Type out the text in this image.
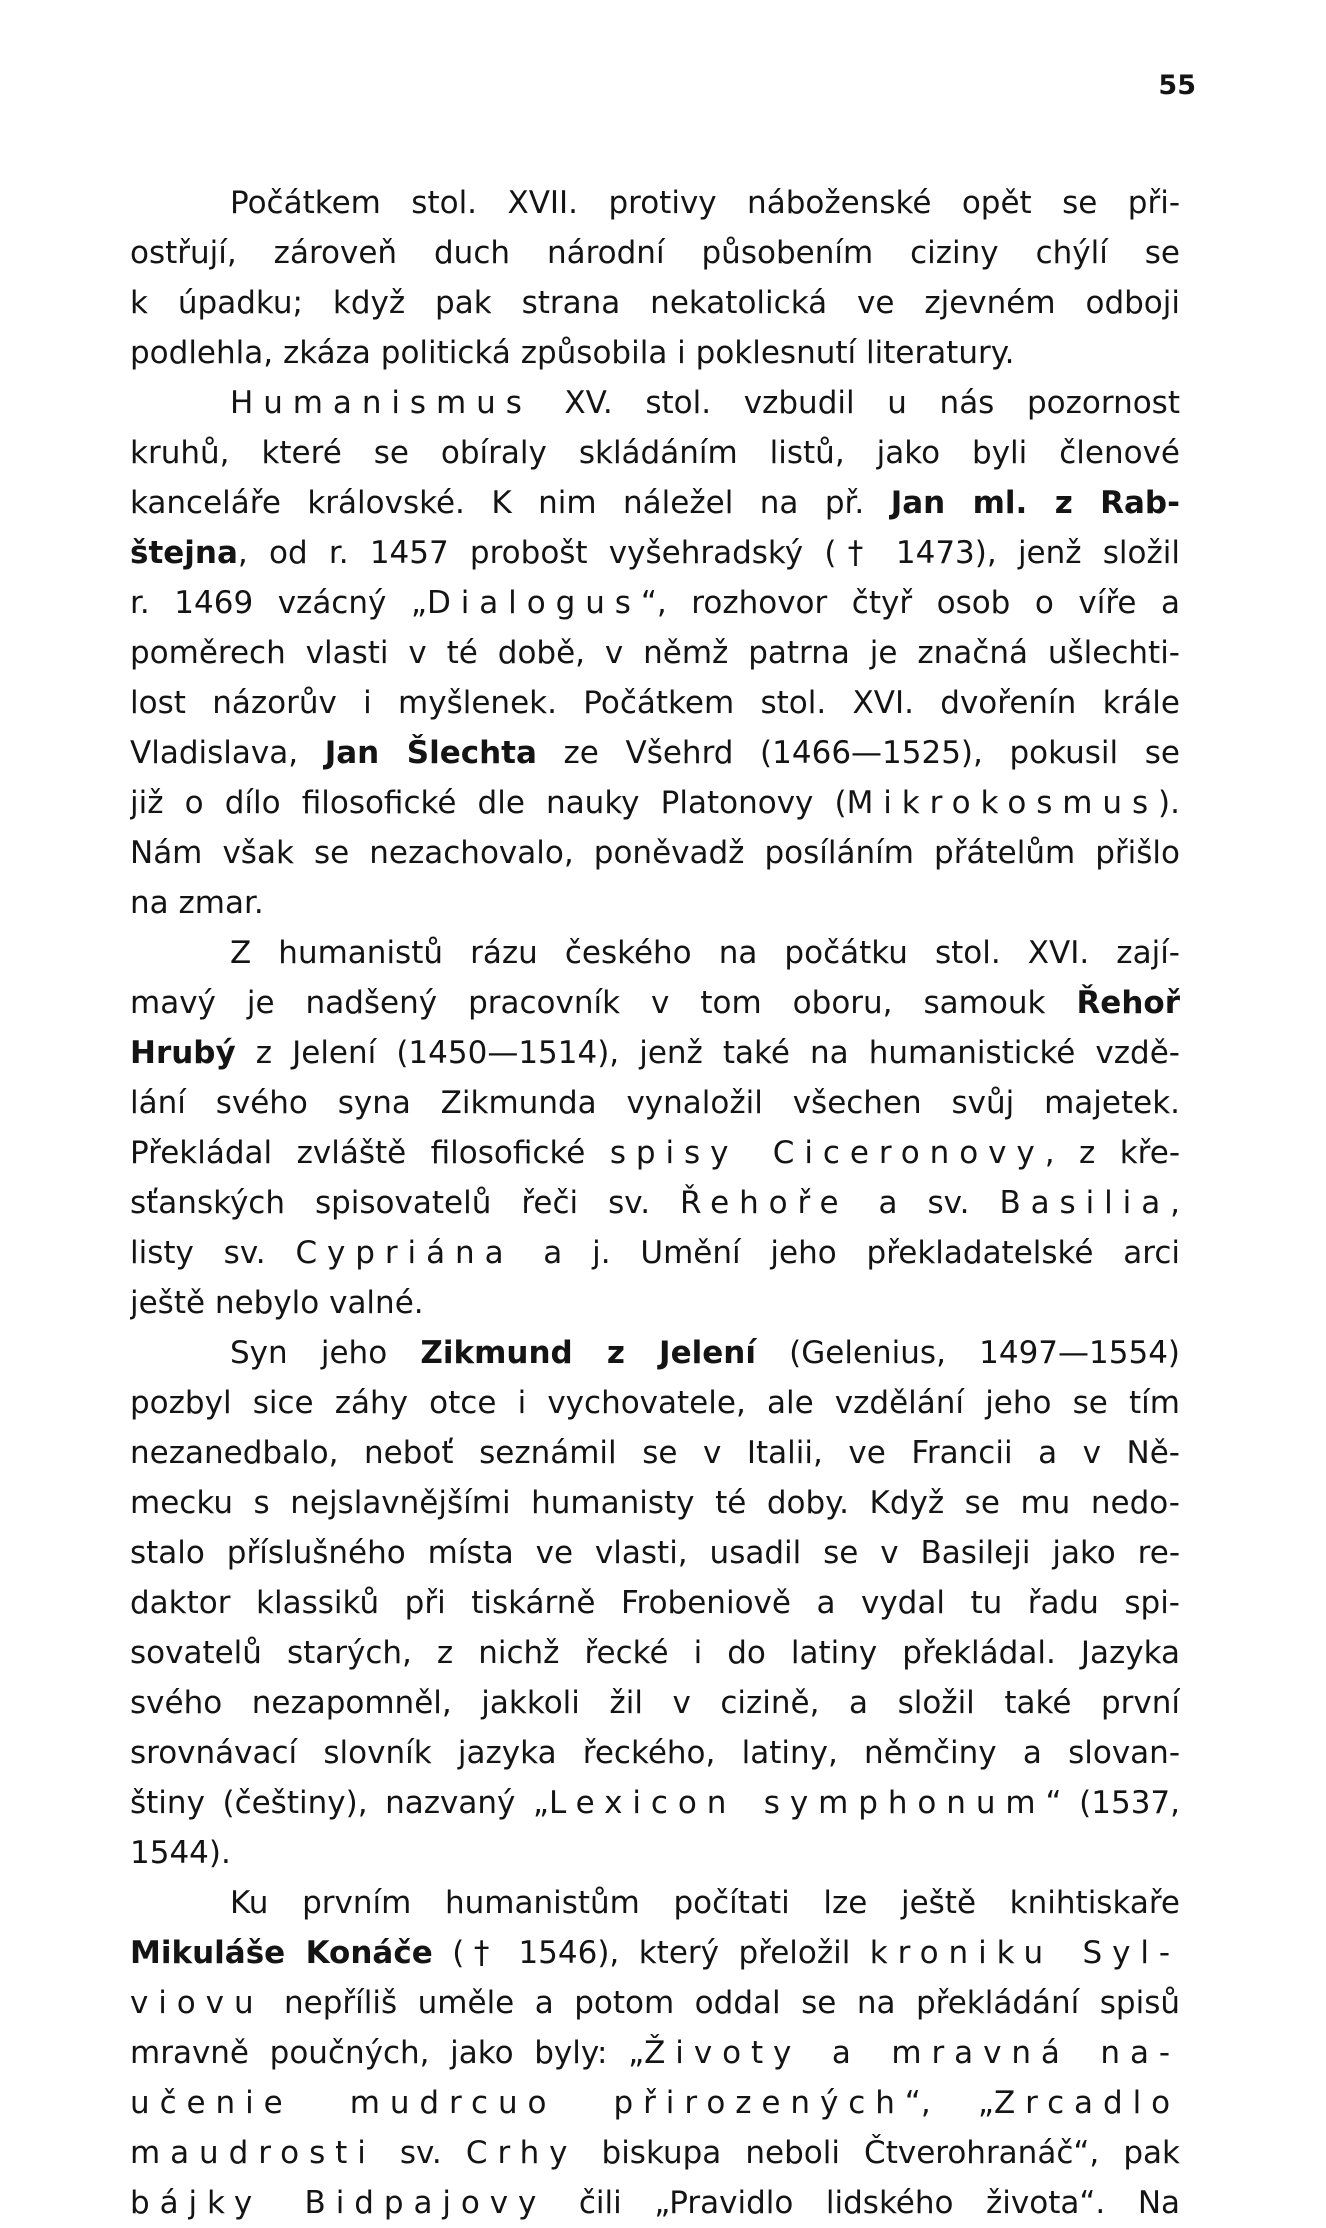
55
Počátkem stol. XVII. protivy náboženské opět se při-
ostřují, zároveň duch národní působením ciziny chýlí se
k úpadku; když pak strana nekatolická ve zjevném odboji
podlehla, zkáza politická způsobila i poklesnutí literatury.
Humanismus XV. stol. vzbudil u nás pozornost
kruhů, které se obíraly skládáním listů, jako byli členové
kanceláře královské. K nim náležel na př. Jan ml. z Rab-
štejna, od r. 1457 probošt vyšehradský († 1473), jenž složil
r. 1469 vzácný „Dialogus“, rozhovor čtyř osob o víře a
poměrech vlasti v té době, v němž patrna je značná ušlechti-
lost názorův i myšlenek. Počátkem stol. XVI. dvořenín krále
Vladislava, Jan Šlechta ze Všehrd (1466—1525), pokusil se
již o dílo filosofické dle nauky Platonovy (Mikrokosmus).
Nám však se nezachovalo, poněvadž posíláním přátelům přišlo
na zmar.
Z humanistů rázu českého na počátku stol. XVI. zají-
mavý je nadšený pracovník v tom oboru, samouk Řehoř
Hrubý z Jelení (1450—1514), jenž také na humanistické vzdě-
lání svého syna Zikmunda vynaložil všechen svůj majetek.
Překládal zvláště filosofické spisy Ciceronovy, z kře-
sťanských spisovatelů řeči sv. Řehoře a sv. Basilia,
listy sv. Cypriána a j. Umění jeho překladatelské arci
ještě nebylo valné.
Syn jeho Zikmund z Jelení (Gelenius, 1497—1554)
pozbyl sice záhy otce i vychovatele, ale vzdělání jeho se tím
nezanedbalo, neboť seznámil se v Italii, ve Francii a v Ně-
mecku s nejslavnějšími humanisty té doby. Když se mu nedo-
stalo příslušného místa ve vlasti, usadil se v Basileji jako re-
daktor klassiků při tiskárně Frobeniově a vydal tu řadu spi-
sovatelů starých, z nichž řecké i do latiny překládal. Jazyka
svého nezapomněl, jakkoli žil v cizině, a složil také první
srovnávací slovník jazyka řeckého, latiny, němčiny a slovan-
štiny (češtiny), nazvaný „Lexicon symphonum“ (1537,
1544).
Ku prvním humanistům počítati lze ještě knihtiskaře
Mikuláše Konáče († 1546), který přeložil kroniku Syl-
viovu nepříliš uměle a potom oddal se na překládání spisů
mravně poučných, jako byly: „Životy a mravná na-
učenie mudrcuo přirozených“, „Zrcadlo
maudrosti sv. Crhy biskupa neboli Čtverohranáč“, pak
bájky Bidpajovy čili „Pravidlo lidského života“. Na
